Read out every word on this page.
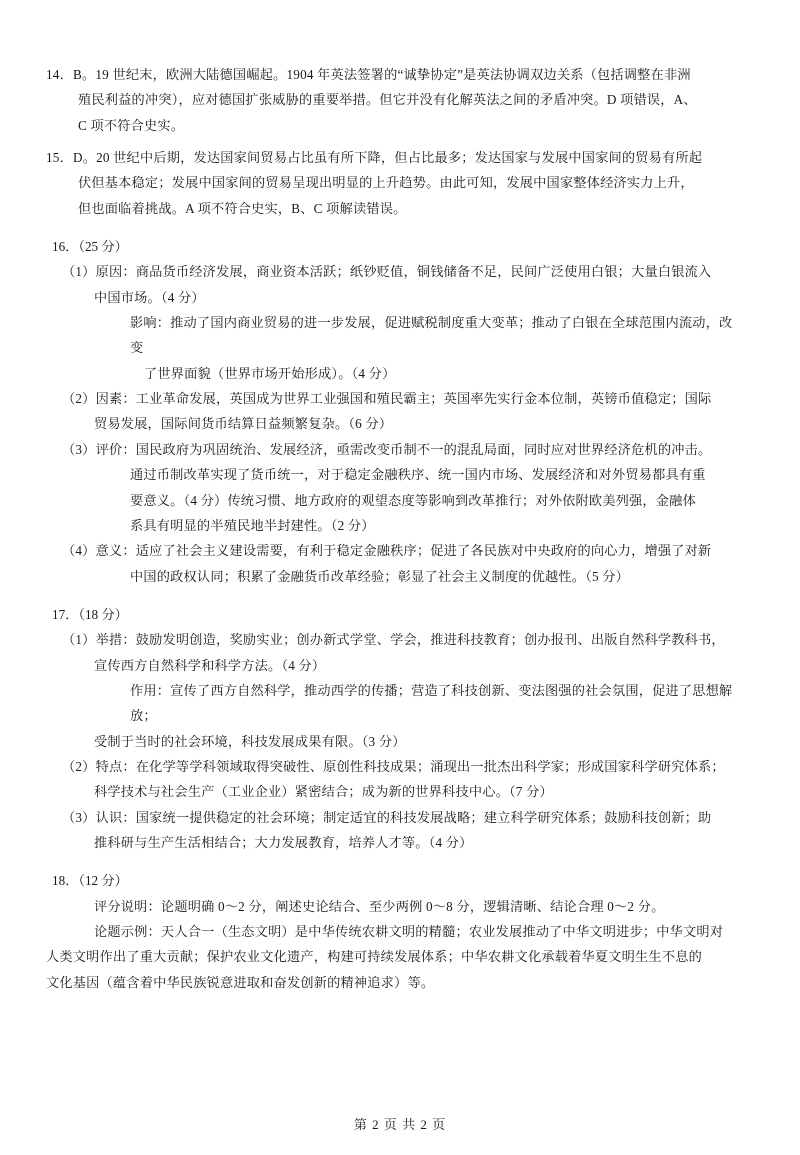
14．B。19 世纪末，欧洲大陆德国崛起。1904 年英法签署的“诚挚协定”是英法协调双边关系（包括调整在非洲
殖民利益的冲突），应对德国扩张威胁的重要举措。但它并没有化解英法之间的矛盾冲突。D 项错误，A、
C 项不符合史实。
15．D。20 世纪中后期，发达国家间贸易占比虽有所下降，但占比最多；发达国家与发展中国家间的贸易有所起
伏但基本稳定；发展中国家间的贸易呈现出明显的上升趋势。由此可知，发展中国家整体经济实力上升，
但也面临着挑战。A 项不符合史实，B、C 项解读错误。
16．（25 分）
（1）原因：商品货币经济发展，商业资本活跃；纸钞贬值，铜钱储备不足，民间广泛使用白银；大量白银流入
中国市场。（4 分）
影响：推动了国内商业贸易的进一步发展，促进赋税制度重大变革；推动了白银在全球范围内流动，改变
了世界面貌（世界市场开始形成）。（4 分）
（2）因素：工业革命发展，英国成为世界工业强国和殖民霸主；英国率先实行金本位制，英镑币值稳定；国际
贸易发展，国际间货币结算日益频繁复杂。（6 分）
（3）评价：国民政府为巩固统治、发展经济，亟需改变币制不一的混乱局面，同时应对世界经济危机的冲击。
通过币制改革实现了货币统一，对于稳定金融秩序、统一国内市场、发展经济和对外贸易都具有重
要意义。（4 分）传统习惯、地方政府的观望态度等影响到改革推行；对外依附欧美列强，金融体
系具有明显的半殖民地半封建性。（2 分）
（4）意义：适应了社会主义建设需要，有利于稳定金融秩序；促进了各民族对中央政府的向心力，增强了对新
中国的政权认同；积累了金融货币改革经验；彰显了社会主义制度的优越性。（5 分）
17．（18 分）
（1）举措：鼓励发明创造，奖励实业；创办新式学堂、学会，推进科技教育；创办报刊、出版自然科学教科书，
宣传西方自然科学和科学方法。（4 分）
作用：宣传了西方自然科学，推动西学的传播；营造了科技创新、变法图强的社会氛围，促进了思想解放；
受制于当时的社会环境，科技发展成果有限。（3 分）
（2）特点：在化学等学科领域取得突破性、原创性科技成果；涌现出一批杰出科学家；形成国家科学研究体系；
科学技术与社会生产（工业企业）紧密结合；成为新的世界科技中心。（7 分）
（3）认识：国家统一提供稳定的社会环境；制定适宜的科技发展战略；建立科学研究体系；鼓励科技创新；助
推科研与生产生活相结合；大力发展教育，培养人才等。（4 分）
18．（12 分）
评分说明：论题明确 0～2 分，阐述史论结合、至少两例 0～8 分，逻辑清晰、结论合理 0～2 分。
论题示例：天人合一（生态文明）是中华传统农耕文明的精髓；农业发展推动了中华文明进步；中华文明对
人类文明作出了重大贡献；保护农业文化遗产，构建可持续发展体系；中华农耕文化承载着华夏文明生生不息的
文化基因（蕴含着中华民族锐意进取和奋发创新的精神追求）等。
第 2 页 共 2 页
